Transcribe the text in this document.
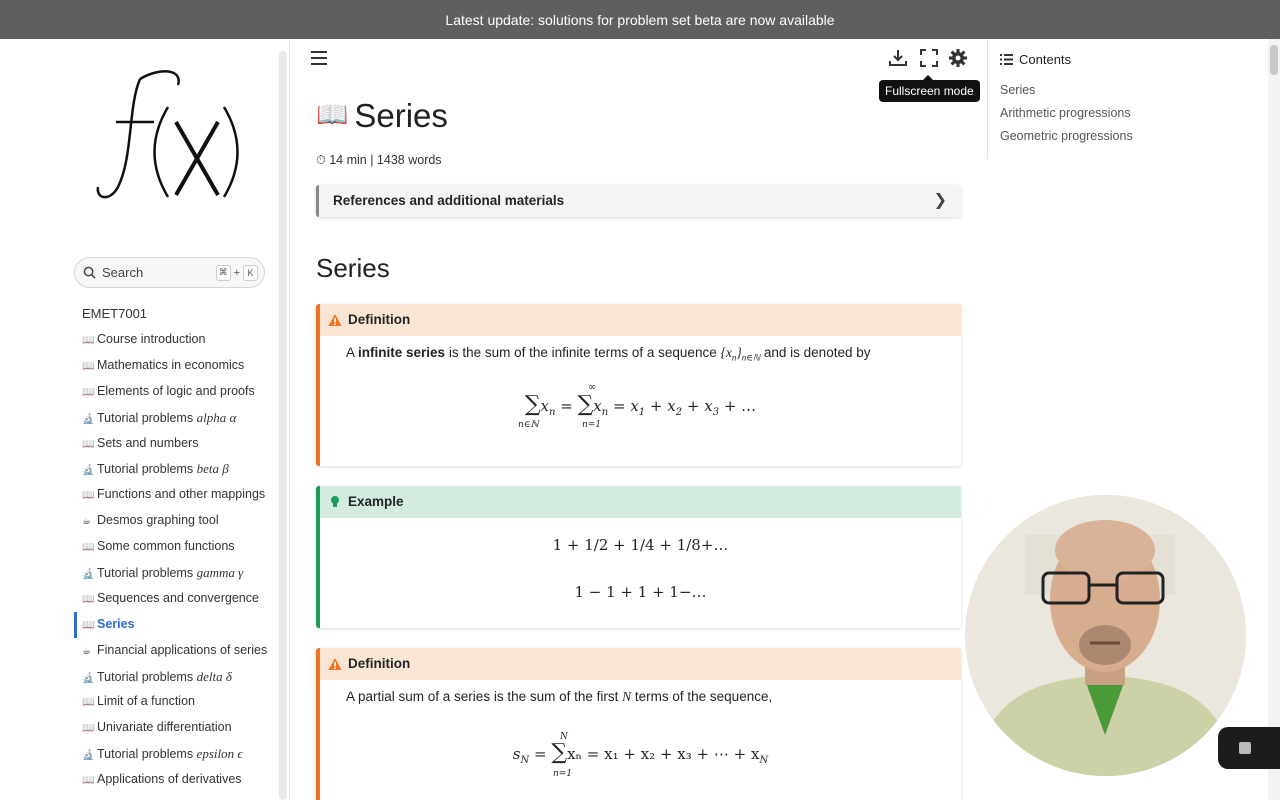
Latest update: solutions for problem set beta are now available
Search	⌘ + K
EMET7001
📖 Course introduction
📖 Mathematics in economics
📖 Elements of logic and proofs
🔬 Tutorial problems alpha α
📖 Sets and numbers
🔬 Tutorial problems beta β
📖 Functions and other mappings
☕ Desmos graphing tool
📖 Some common functions
🔬 Tutorial problems gamma γ
📖 Sequences and convergence
📖 Series
☕ Financial applications of series
🔬 Tutorial problems delta δ
📖 Limit of a function
📖 Univariate differentiation
🔬 Tutorial problems epsilon ϵ
📖 Applications of derivatives
Fullscreen mode
📖 Series
⏱ 14 min | 1438 words
References and additional materials	❯
Series
Definition
A infinite series is the sum of the infinite terms of a sequence $\{x_n\}_{n\in ℕ}$ and is denoted by
$\sum x_n = \sum x_n = x_1 + x_2 + x_3$ + …
n∈ℕ	n=1
∞
Example
1 + 1/2 + 1/4 + 1/8+…
1 − 1 + 1 + 1−…
Definition
A partial sum of a series is the sum of the first N terms of the sequence,
$s_N = \sum x_n = x_1 + x_2 + x_3$ + ⋯ + $x_N$
N
n=1
Contents
Series
Arithmetic progressions
Geometric progressions
